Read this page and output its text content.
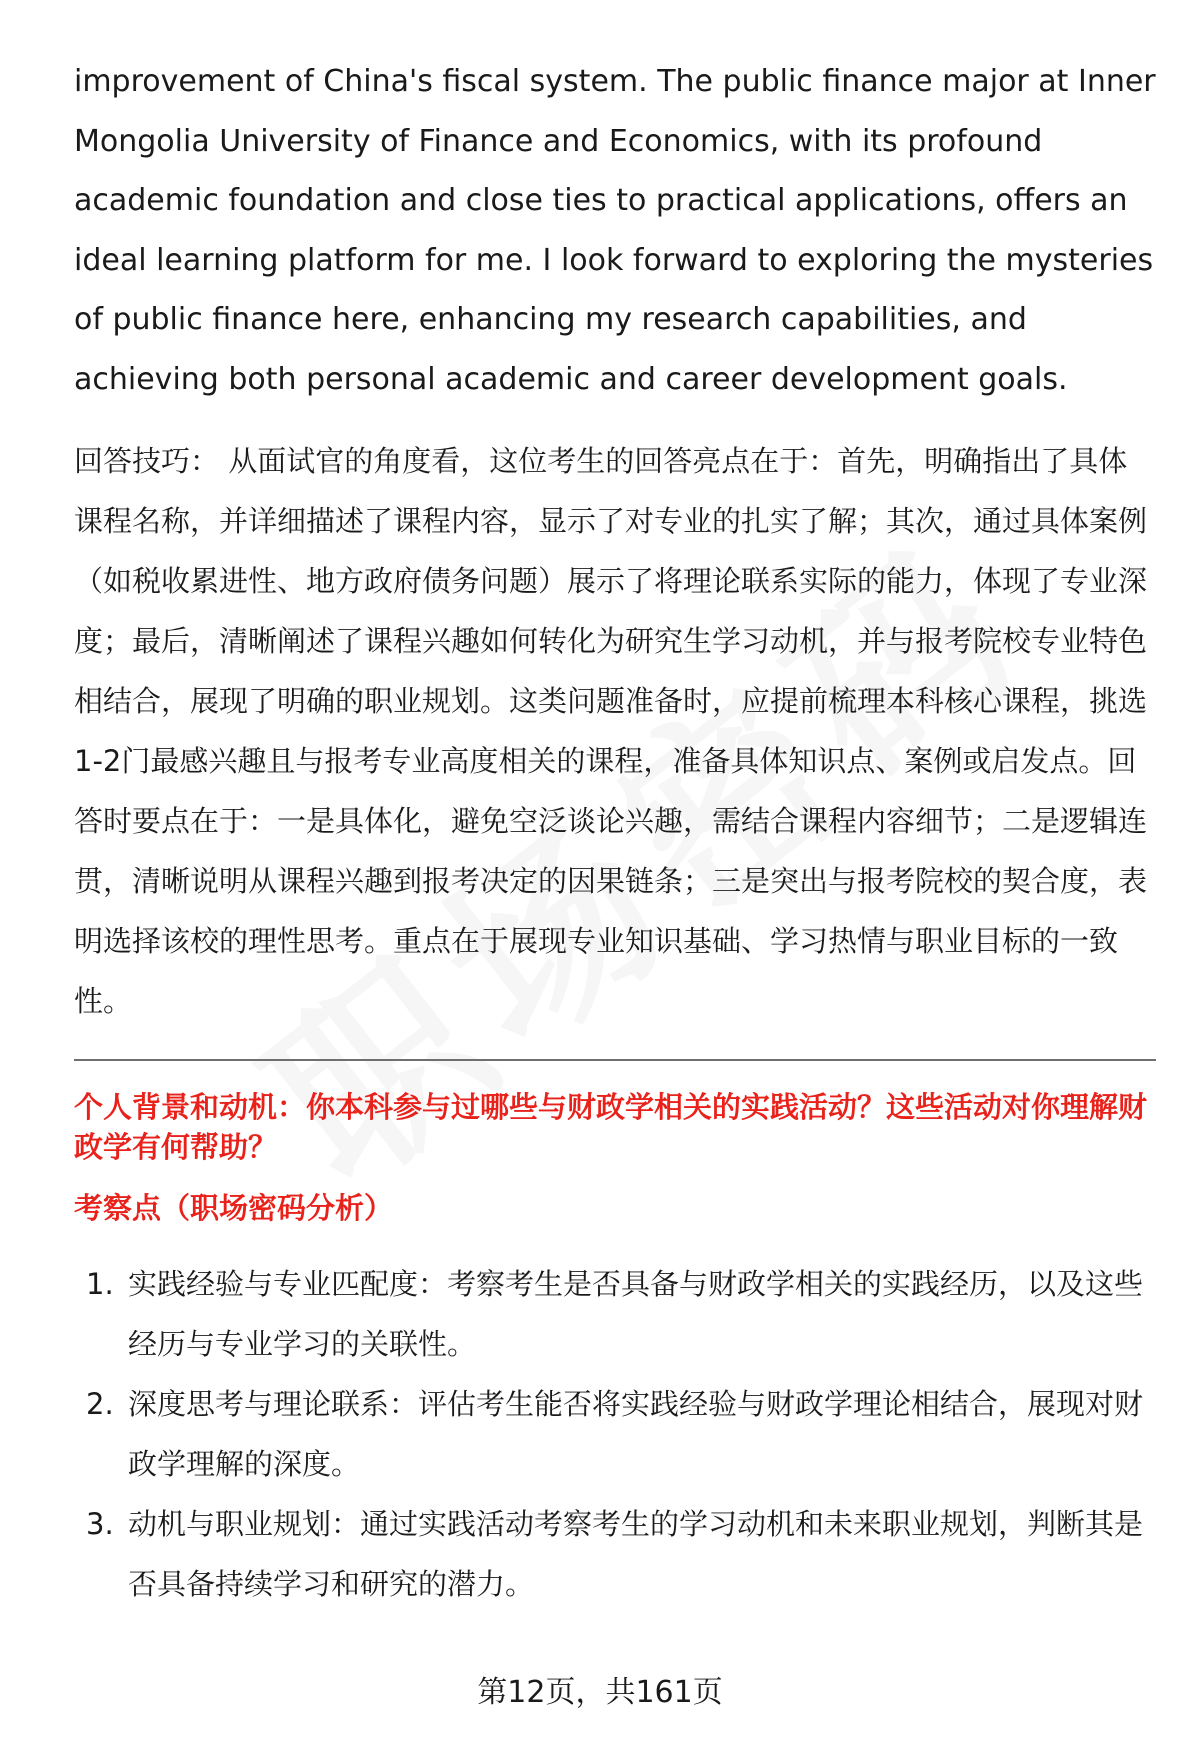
improvement of China's fiscal system. The public finance major at Inner Mongolia University of Finance and Economics, with its profound academic foundation and close ties to practical applications, offers an ideal learning platform for me. I look forward to exploring the mysteries of public finance here, enhancing my research capabilities, and achieving both personal academic and career development goals.

回答技巧： 从面试官的角度看，这位考生的回答亮点在于：首先，明确指出了具体课程名称，并详细描述了课程内容，显示了对专业的扎实了解；其次，通过具体案例（如税收累进性、地方政府债务问题）展示了将理论联系实际的能力，体现了专业深度；最后，清晰阐述了课程兴趣如何转化为研究生学习动机，并与报考院校专业特色相结合，展现了明确的职业规划。这类问题准备时，应提前梳理本科核心课程，挑选1-2门最感兴趣且与报考专业高度相关的课程，准备具体知识点、案例或启发点。回答时要点在于：一是具体化，避免空泛谈论兴趣，需结合课程内容细节；二是逻辑连贯，清晰说明从课程兴趣到报考决定的因果链条；三是突出与报考院校的契合度，表明选择该校的理性思考。重点在于展现专业知识基础、学习热情与职业目标的一致性。

个人背景和动机：你本科参与过哪些与财政学相关的实践活动？这些活动对你理解财政学有何帮助？

考察点（职场密码分析）
1. 实践经验与专业匹配度：考察考生是否具备与财政学相关的实践经历，以及这些经历与专业学习的关联性。
2. 深度思考与理论联系：评估考生能否将实践经验与财政学理论相结合，展现对财政学理解的深度。
3. 动机与职业规划：通过实践活动考察考生的学习动机和未来职业规划，判断其是否具备持续学习和研究的潜力。
第12页，共161页
